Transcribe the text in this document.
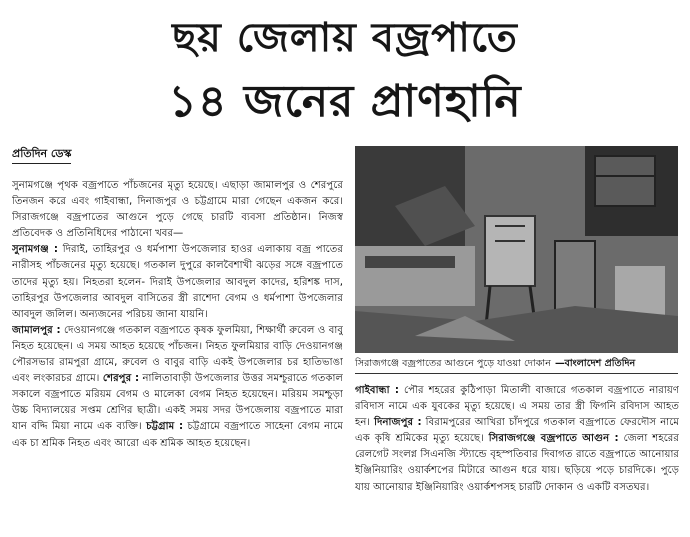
ছয় জেলায় বজ্রপাতে
১৪ জনের প্রাণহানি
প্রতিদিন ডেস্ক

সুনামগঞ্জে পৃথক বজ্রপাতে পাঁচজনের মৃত্যু হয়েছে। এছাড়া জামালপুর ও শেরপুরে তিনজন করে এবং গাইবান্ধা, দিনাজপুর ও চট্টগ্রামে মারা গেছেন একজন করে। সিরাজগঞ্জে বজ্রপাতের আগুনে পুড়ে গেছে চারটি ব্যবসা প্রতিষ্ঠান। নিজস্ব প্রতিবেদক ও প্রতিনিধিদের পাঠানো খবর—

সুনামগঞ্জ : দিরাই, তাহিরপুর ও ধর্মপাশা উপজেলার হাওর এলাকায় বজ্র পাতের নারীসহ পাঁচজনের মৃত্যু হয়েছে। গতকাল দুপুরে কালবৈশাখী ঝড়ের সঙ্গে বজ্রপাতে তাদের মৃত্যু হয়। নিহতরা হলেন- দিরাই উপজেলার আবদুল কাদের, হরিশঙ্ক দাস, তাহিরপুর উপজেলার আবদুল বাসিতের স্ত্রী রাশেদা বেগম ও ধর্মপাশা উপজেলার আবদুল জলিল। অন্যজনের পরিচয় জানা যায়নি।

জামালপুর : দেওয়ানগঞ্জে গতকাল বজ্রপাতে কৃষক ফুলমিয়া, শিক্ষার্থী রুবেল ও বাবু নিহত হয়েছেন। এ সময় আহত হয়েছে পাঁচজন। নিহত ফুলমিয়ার বাড়ি দেওয়ানগঞ্জ পৌরসভার রামপুরা গ্রামে, রুবেল ও বাবুর বাড়ি একই উপজেলার চর হাতিভাঙা এবং লংকারচর গ্রামে। শেরপুর : নালিতাবাড়ী উপজেলার উত্তর সমশ্চুরাতে গতকাল সকালে বজ্রপাতে মরিয়ম বেগম ও মালেকা বেগম নিহত হয়েছেন। মরিয়ম সমশ্চুড়া উচ্চ বিদ্যালয়ের সপ্তম শ্রেণির ছাত্রী। একই সময় সদর উপজেলায় বজ্রপাতে মারা যান বদ্দি মিয়া নামে এক ব্যক্তি। চট্টগ্রাম : চট্টগ্রামে বজ্রপাতে সাহেনা বেগম নামে এক চা শ্রমিক নিহত এবং আরো এক শ্রমিক আহত হয়েছেন।

সিরাজগঞ্জে বজ্রপাতের আগুনে পুড়ে যাওয়া দোকান —বাংলাদেশ প্রতিদিন

গাইবান্ধা : পৌর শহরের কুঠিপাড়া মিতালী বাজারে গতকাল বজ্রপাতে নারায়ণ রবিদাস নামে এক যুবকের মৃত্যু হয়েছে। এ সময় তার স্ত্রী ফিগনি রবিদাস আহত হন। দিনাজপুর : বিরামপুরের আখিরা চাঁদপুরে গতকাল বজ্রপাতে ফেরদৌস নামে এক কৃষি শ্রমিকের মৃত্যু হয়েছে। সিরাজগঞ্জে বজ্রপাতে আগুন : জেলা শহরের রেলগেট সংলগ্ন সিএনজি স্ট্যান্ডে বৃহস্পতিবার দিবাগত রাতে বজ্রপাতে আনোয়ার ইঞ্জিনিয়ারিং ওয়ার্কশপের মিটারে আগুন ধরে যায়। ছড়িয়ে পড়ে চারদিকে। পুড়ে যায় আনোয়ার ইঞ্জিনিয়ারিং ওয়ার্কশপসহ চারটি দোকান ও একটি বসতঘর।
